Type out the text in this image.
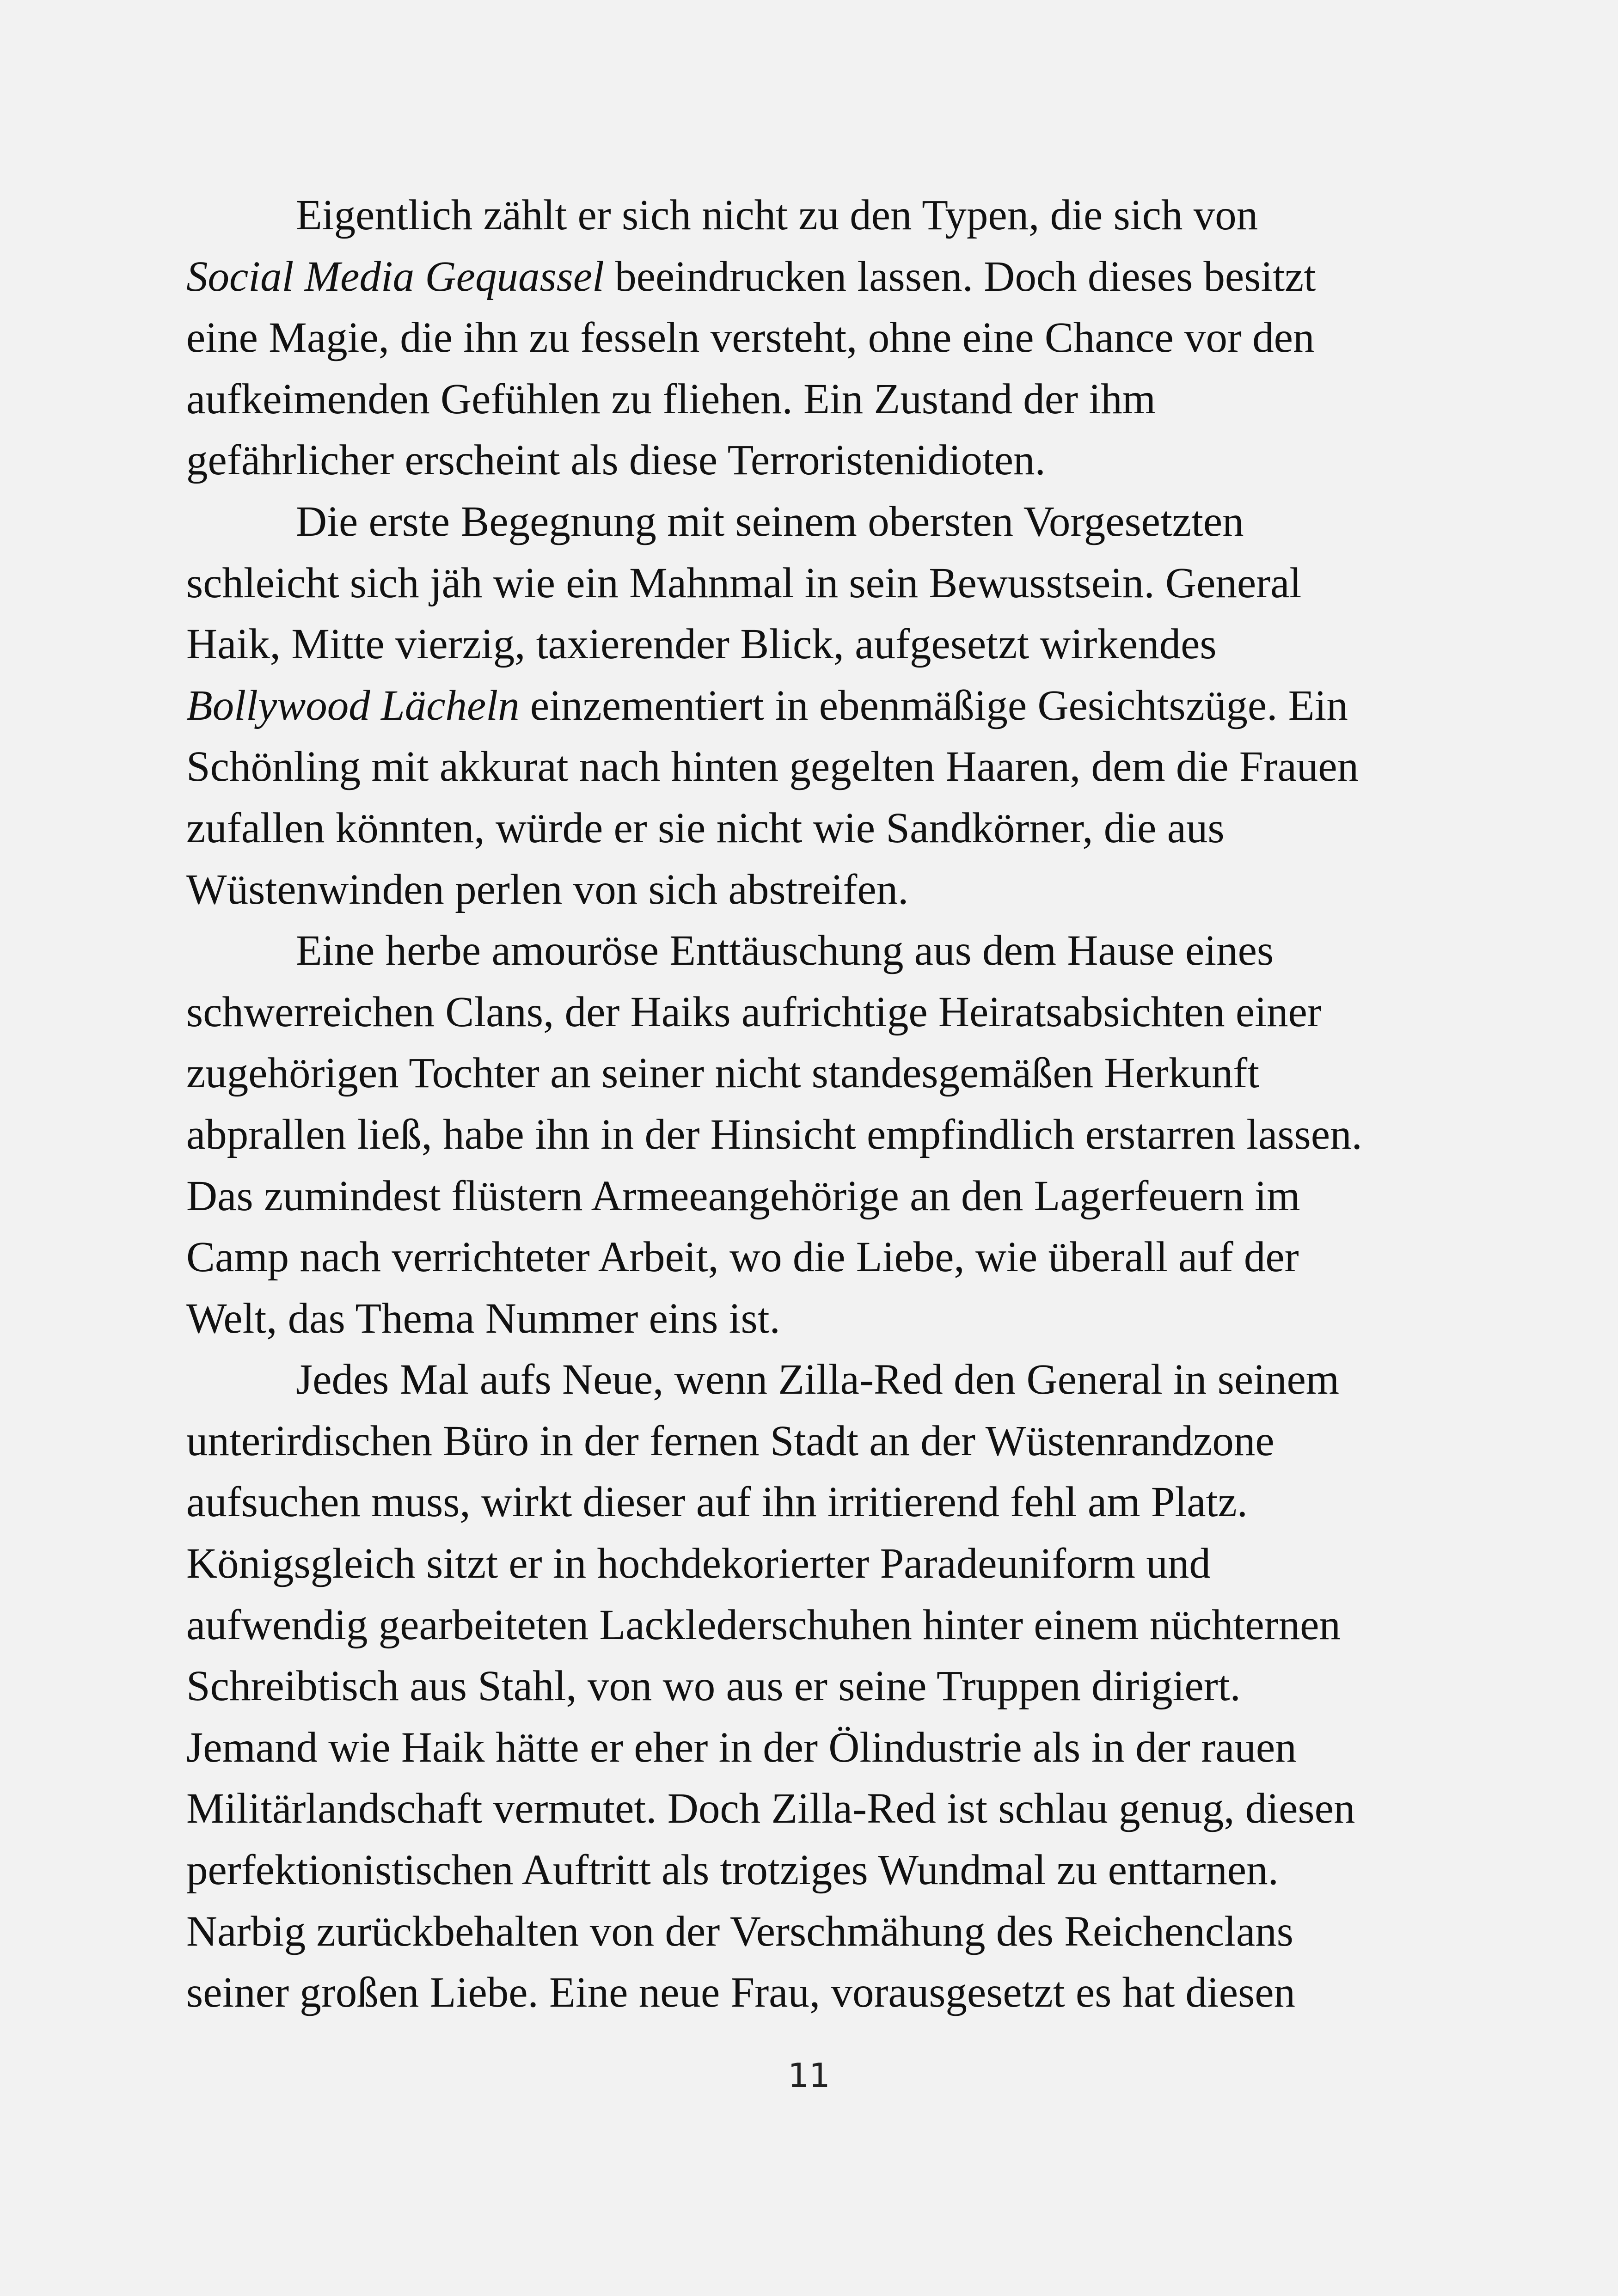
Eigentlich zählt er sich nicht zu den Typen, die sich von
Social Media Gequassel beeindrucken lassen. Doch dieses besitzt
eine Magie, die ihn zu fesseln versteht, ohne eine Chance vor den
aufkeimenden Gefühlen zu fliehen. Ein Zustand der ihm
gefährlicher erscheint als diese Terroristenidioten.
Die erste Begegnung mit seinem obersten Vorgesetzten
schleicht sich jäh wie ein Mahnmal in sein Bewusstsein. General
Haik, Mitte vierzig, taxierender Blick, aufgesetzt wirkendes
Bollywood Lächeln einzementiert in ebenmäßige Gesichtszüge. Ein
Schönling mit akkurat nach hinten gegelten Haaren, dem die Frauen
zufallen könnten, würde er sie nicht wie Sandkörner, die aus
Wüstenwinden perlen von sich abstreifen.
Eine herbe amouröse Enttäuschung aus dem Hause eines
schwerreichen Clans, der Haiks aufrichtige Heiratsabsichten einer
zugehörigen Tochter an seiner nicht standesgemäßen Herkunft
abprallen ließ, habe ihn in der Hinsicht empfindlich erstarren lassen.
Das zumindest flüstern Armeeangehörige an den Lagerfeuern im
Camp nach verrichteter Arbeit, wo die Liebe, wie überall auf der
Welt, das Thema Nummer eins ist.
Jedes Mal aufs Neue, wenn Zilla-Red den General in seinem
unterirdischen Büro in der fernen Stadt an der Wüstenrandzone
aufsuchen muss, wirkt dieser auf ihn irritierend fehl am Platz.
Königsgleich sitzt er in hochdekorierter Paradeuniform und
aufwendig gearbeiteten Lacklederschuhen hinter einem nüchternen
Schreibtisch aus Stahl, von wo aus er seine Truppen dirigiert.
Jemand wie Haik hätte er eher in der Ölindustrie als in der rauen
Militärlandschaft vermutet. Doch Zilla-Red ist schlau genug, diesen
perfektionistischen Auftritt als trotziges Wundmal zu enttarnen.
Narbig zurückbehalten von der Verschmähung des Reichenclans
seiner großen Liebe. Eine neue Frau, vorausgesetzt es hat diesen
11
